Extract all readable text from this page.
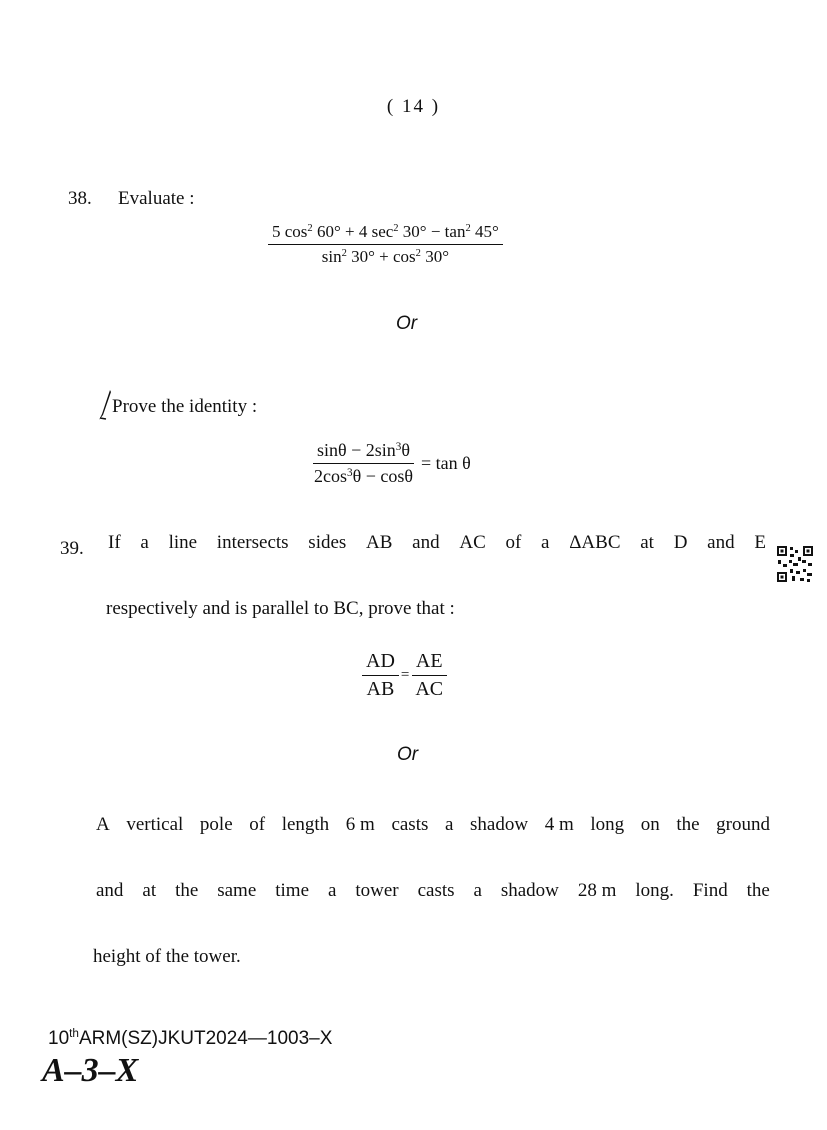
( 14 )
38. Evaluate :
$\frac{5 \cos^2 60^\circ + 4 \sec^2 30^\circ - \tan^2 45^\circ}{\sin^2 30^\circ + \cos^2 30^\circ}$
Or
Prove the identity :
$\frac{\sin\theta - 2\sin^3\theta}{2\cos^3\theta - \cos\theta} = \tan \theta$
39. If a line intersects sides AB and AC of a ΔABC at D and E
respectively and is parallel to BC, prove that :
$\frac{AD}{AB} = \frac{AE}{AC}$
Or
A vertical pole of length 6 m casts a shadow 4 m long on the ground
and at the same time a tower casts a shadow 28 m long. Find the
height of the tower.
10thARM(SZ)JKUT2024—1003–X
A–3–X
